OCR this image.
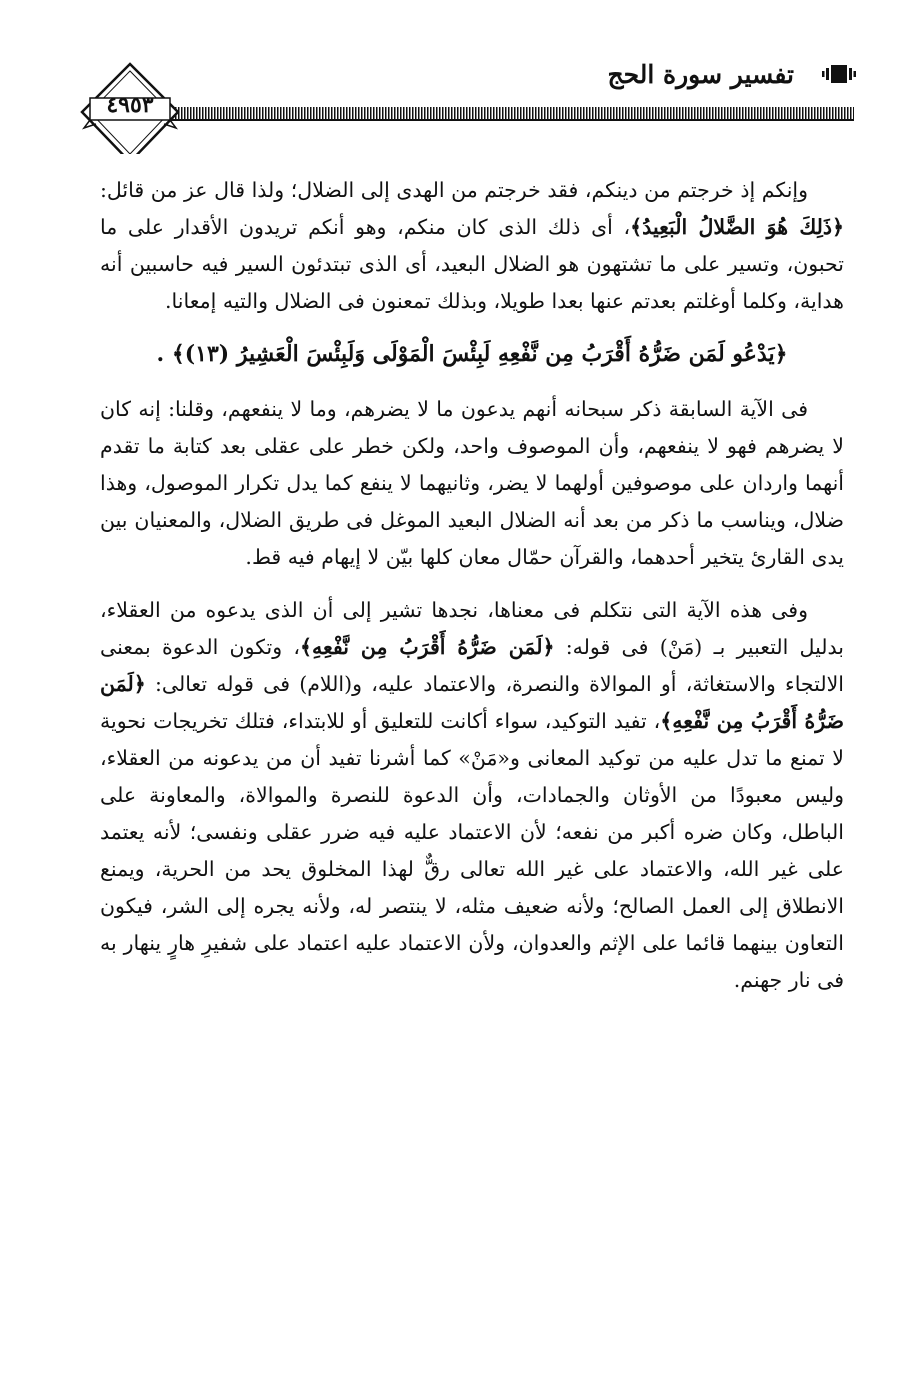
تفسير سورة الحج
٤٩٥٣

وإنكم إذ خرجتم من دينكم، فقد خرجتم من الهدى إلى الضلال؛ ولذا قال عز من قائل: ﴿ذَلِكَ هُوَ الضَّلالُ الْبَعِيدُ﴾، أى ذلك الذى كان منكم، وهو أنكم تريدون الأقدار على ما تحبون، وتسير على ما تشتهون هو الضلال البعيد، أى الذى تبتدئون السير فيه حاسبين أنه هداية، وكلما أوغلتم بعدتم عنها بعدا طويلا، وبذلك تمعنون فى الضلال والتيه إمعانا.

﴿يَدْعُو لَمَن ضَرُّهُ أَقْرَبُ مِن نَّفْعِهِ لَبِئْسَ الْمَوْلَى وَلَبِئْسَ الْعَشِيرُ (١٣)﴾ .

فى الآية السابقة ذكر سبحانه أنهم يدعون ما لا يضرهم، وما لا ينفعهم، وقلنا: إنه كان لا يضرهم فهو لا ينفعهم، وأن الموصوف واحد، ولكن خطر على عقلى بعد كتابة ما تقدم أنهما واردان على موصوفين أولهما لا يضر، وثانيهما لا ينفع كما يدل تكرار الموصول، وهذا ضلال، ويناسب ما ذكر من بعد أنه الضلال البعيد الموغل فى طريق الضلال، والمعنيان بين يدى القارئ يتخير أحدهما، والقرآن حمّال معان كلها بيّن لا إيهام فيه قط.

وفى هذه الآية التى نتكلم فى معناها، نجدها تشير إلى أن الذى يدعوه من العقلاء، بدليل التعبير بـ (مَنْ) فى قوله: ﴿لَمَن ضَرُّهُ أَقْرَبُ مِن نَّفْعِهِ﴾، وتكون الدعوة بمعنى الالتجاء والاستغاثة، أو الموالاة والنصرة، والاعتماد عليه، و(اللام) فى قوله تعالى: ﴿لَمَن ضَرُّهُ أَقْرَبُ مِن نَّفْعِهِ﴾، تفيد التوكيد، سواء أكانت للتعليق أو للابتداء، فتلك تخريجات نحوية لا تمنع ما تدل عليه من توكيد المعانى و«مَنْ» كما أشرنا تفيد أن من يدعونه من العقلاء، وليس معبودًا من الأوثان والجمادات، وأن الدعوة للنصرة والموالاة، والمعاونة على الباطل، وكان ضره أكبر من نفعه؛ لأن الاعتماد عليه فيه ضرر عقلى ونفسى؛ لأنه يعتمد على غير الله، والاعتماد على غير الله تعالى رقٌّ لهذا المخلوق يحد من الحرية، ويمنع الانطلاق إلى العمل الصالح؛ ولأنه ضعيف مثله، لا ينتصر له، ولأنه يجره إلى الشر، فيكون التعاون بينهما قائما على الإثم والعدوان، ولأن الاعتماد عليه اعتماد على شفيرِ هارٍ ينهار به فى نار جهنم.
